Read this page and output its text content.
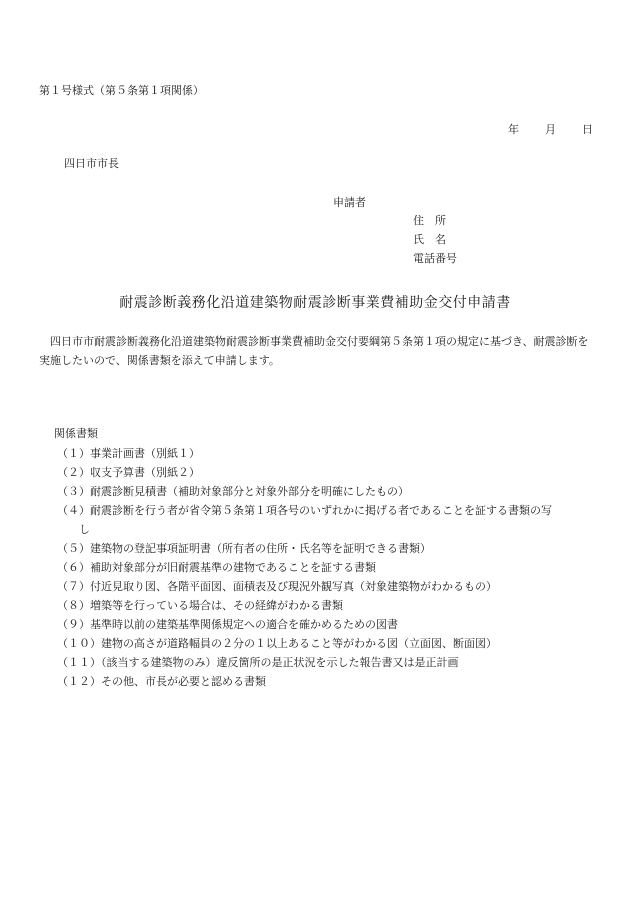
第１号様式（第５条第１項関係）
年 月 日
四日市市長
申請者
住　所
氏　名
電話番号
耐震診断義務化沿道建築物耐震診断事業費補助金交付申請書
四日市市耐震診断義務化沿道建築物耐震診断事業費補助金交付要綱第５条第１項の規定に基づき、耐震診断を実施したいので、関係書類を添えて申請します。
関係書類
（１）事業計画書（別紙１）
（２）収支予算書（別紙２）
（３）耐震診断見積書（補助対象部分と対象外部分を明確にしたもの）
（４）耐震診断を行う者が省令第５条第１項各号のいずれかに掲げる者であることを証する書類の写
し
（５）建築物の登記事項証明書（所有者の住所・氏名等を証明できる書類）
（６）補助対象部分が旧耐震基準の建物であることを証する書類
（７）付近見取り図、各階平面図、面積表及び現況外観写真（対象建築物がわかるもの）
（８）増築等を行っている場合は、その経緯がわかる書類
（９）基準時以前の建築基準関係規定への適合を確かめるための図書
（１０）建物の高さが道路幅員の２分の１以上あること等がわかる図（立面図、断面図）
（１１）（該当する建築物のみ）違反箇所の是正状況を示した報告書又は是正計画
（１２）その他、市長が必要と認める書類
